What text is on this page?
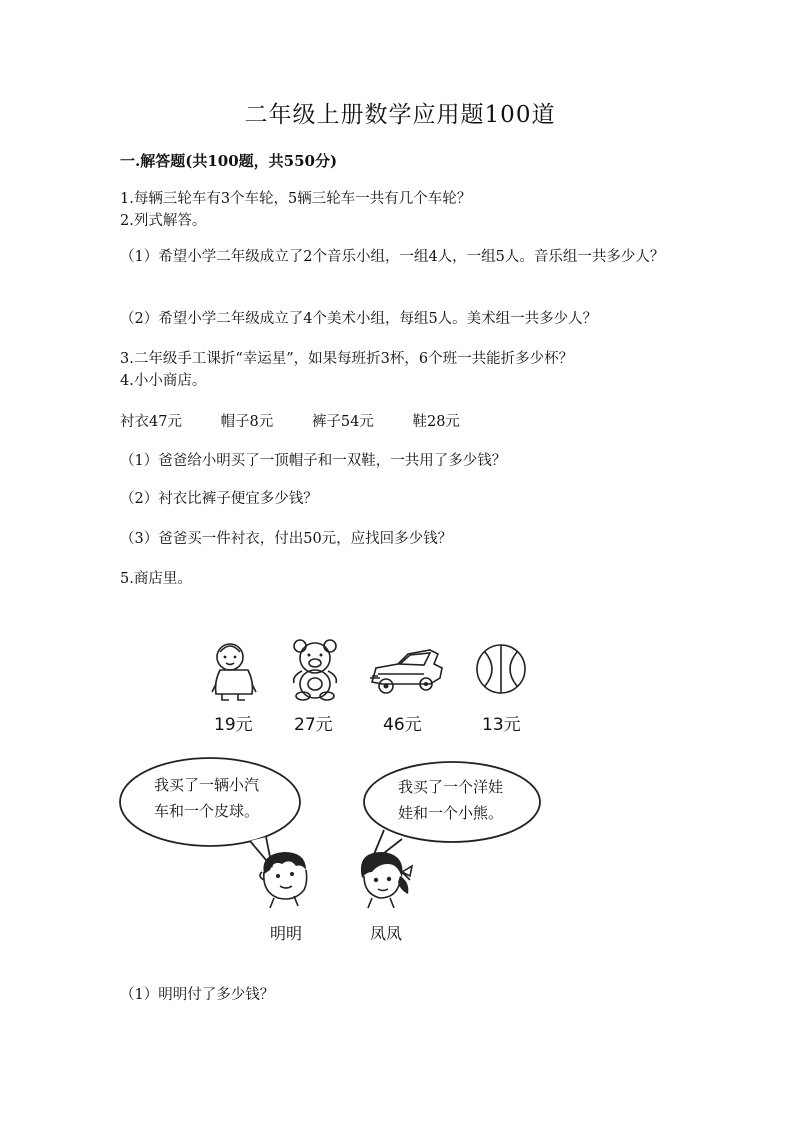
二年级上册数学应用题100道
一.解答题(共100题，共550分)
1.每辆三轮车有3个车轮，5辆三轮车一共有几个车轮？
2.列式解答。
（1）希望小学二年级成立了2个音乐小组，一组4人，一组5人。音乐组一共多少人？
（2）希望小学二年级成立了4个美术小组，每组5人。美术组一共多少人？
3.二年级手工课折“幸运星”，如果每班折3杯，6个班一共能折多少杯？
4.小小商店。
衬衣47元	帽子8元	裤子54元	鞋28元
（1）爸爸给小明买了一顶帽子和一双鞋，一共用了多少钱？
（2）衬衣比裤子便宜多少钱？
（3）爸爸买一件衬衣，付出50元，应找回多少钱？
5.商店里。
19元 27元	46元	13元
我买了一辆小汽
车和一个皮球。
我买了一个洋娃
娃和一个小熊。
明明	凤凤
（1）明明付了多少钱？
